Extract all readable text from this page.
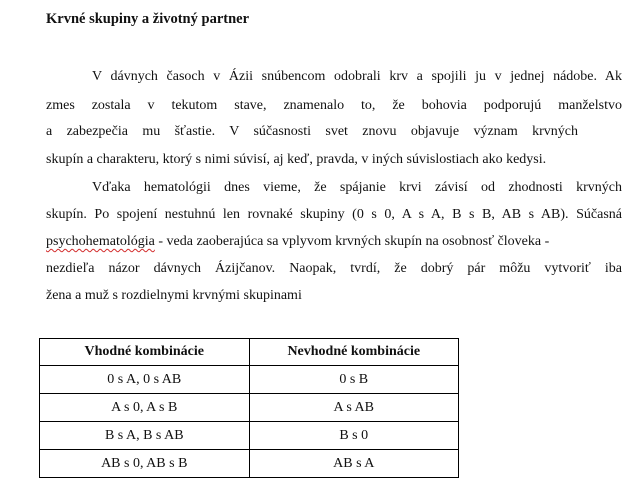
Krvné skupiny a životný partner
V dávnych časoch v Ázii snúbencom odobrali krv a spojili ju v jednej nádobe. Ak
zmes zostala v tekutom stave, znamenalo to, že bohovia podporujú manželstvo
a zabezpečia mu šťastie. V súčasnosti svet znovu objavuje význam krvných
skupín a charakteru, ktorý s nimi súvisí, aj keď, pravda, v iných súvislostiach ako kedysi.
Vďaka hematológii dnes vieme, že spájanie krvi závisí od zhodnosti krvných
skupín. Po spojení nestuhnú len rovnaké skupiny (0 s 0, A s A, B s B, AB s AB). Súčasná
psychohematológia - veda zaoberajúca sa vplyvom krvných skupín na osobnosť človeka -
nezdieľa názor dávnych Ázijčanov. Naopak, tvrdí, že dobrý pár môžu vytvoriť iba
žena a muž s rozdielnymi krvnými skupinami
Vhodné kombinácie	Nevhodné kombinácie
0 s A, 0 s AB	0 s B
A s 0, A s B	A s AB
B s A, B s AB	B s 0
AB s 0, AB s B	AB s A
